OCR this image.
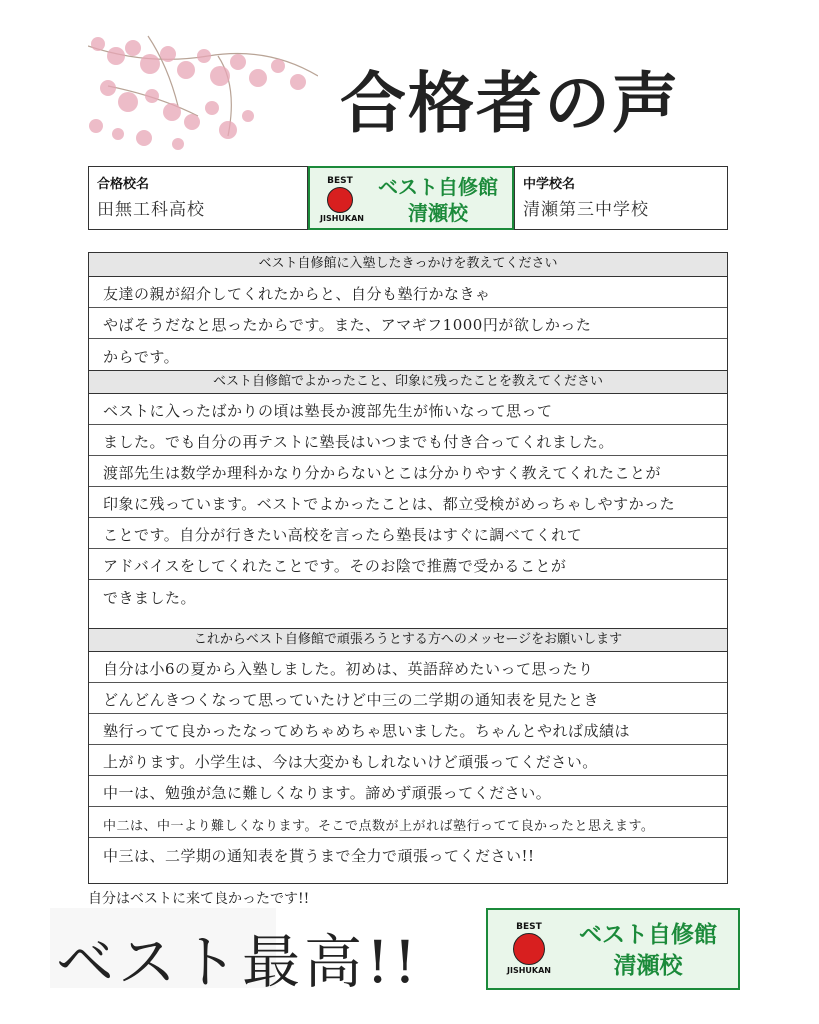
合格者の声
合格校名
田無工科高校
BEST
JISHUKAN
ベスト自修館
清瀬校
中学校名
清瀬第三中学校
ベスト自修館に入塾したきっかけを教えてください
友達の親が紹介してくれたからと、自分も塾行かなきゃ
やばそうだなと思ったからです。また、アマギフ1000円が欲しかった
からです。
ベスト自修館でよかったこと、印象に残ったことを教えてください
ベストに入ったばかりの頃は塾長か渡部先生が怖いなって思って
ました。でも自分の再テストに塾長はいつまでも付き合ってくれました。
渡部先生は数学か理科かなり分からないとこは分かりやすく教えてくれたことが
印象に残っています。ベストでよかったことは、都立受検がめっちゃしやすかった
ことです。自分が行きたい高校を言ったら塾長はすぐに調べてくれて
アドバイスをしてくれたことです。そのお陰で推薦で受かることが
できました。
これからベスト自修館で頑張ろうとする方へのメッセージをお願いします
自分は小6の夏から入塾しました。初めは、英語辞めたいって思ったり
どんどんきつくなって思っていたけど中三の二学期の通知表を見たとき
塾行ってて良かったなってめちゃめちゃ思いました。ちゃんとやれば成績は
上がります。小学生は、今は大変かもしれないけど頑張ってください。
中一は、勉強が急に難しくなります。諦めず頑張ってください。
中二は、中一より難しくなります。そこで点数が上がれば塾行ってて良かったと思えます。
中三は、二学期の通知表を貰うまで全力で頑張ってください!!
自分はベストに来て良かったです!!
ベスト最高!!
BEST
JISHUKAN
ベスト自修館
清瀬校
